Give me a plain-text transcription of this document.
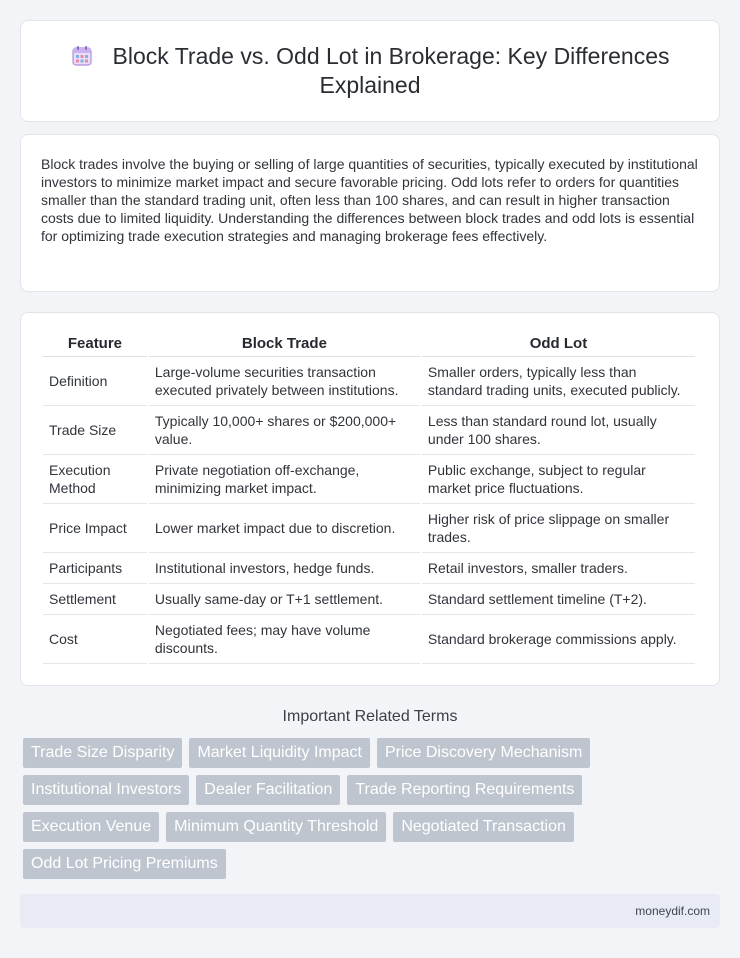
Block Trade vs. Odd Lot in Brokerage: Key Differences Explained

Block trades involve the buying or selling of large quantities of securities, typically executed by institutional investors to minimize market impact and secure favorable pricing. Odd lots refer to orders for quantities smaller than the standard trading unit, often less than 100 shares, and can result in higher transaction costs due to limited liquidity. Understanding the differences between block trades and odd lots is essential for optimizing trade execution strategies and managing brokerage fees effectively.

Feature	Block Trade	Odd Lot
Definition	Large-volume securities transaction executed privately between institutions.	Smaller orders, typically less than standard trading units, executed publicly.
Trade Size	Typically 10,000+ shares or $200,000+ value.	Less than standard round lot, usually under 100 shares.
Execution Method	Private negotiation off-exchange, minimizing market impact.	Public exchange, subject to regular market price fluctuations.
Price Impact	Lower market impact due to discretion.	Higher risk of price slippage on smaller trades.
Participants	Institutional investors, hedge funds.	Retail investors, smaller traders.
Settlement	Usually same-day or T+1 settlement.	Standard settlement timeline (T+2).
Cost	Negotiated fees; may have volume discounts.	Standard brokerage commissions apply.
Important Related Terms
Trade Size Disparity	Market Liquidity Impact	Price Discovery Mechanism
Institutional Investors	Dealer Facilitation	Trade Reporting Requirements
Execution Venue	Minimum Quantity Threshold	Negotiated Transaction
Odd Lot Pricing Premiums
moneydif.com
